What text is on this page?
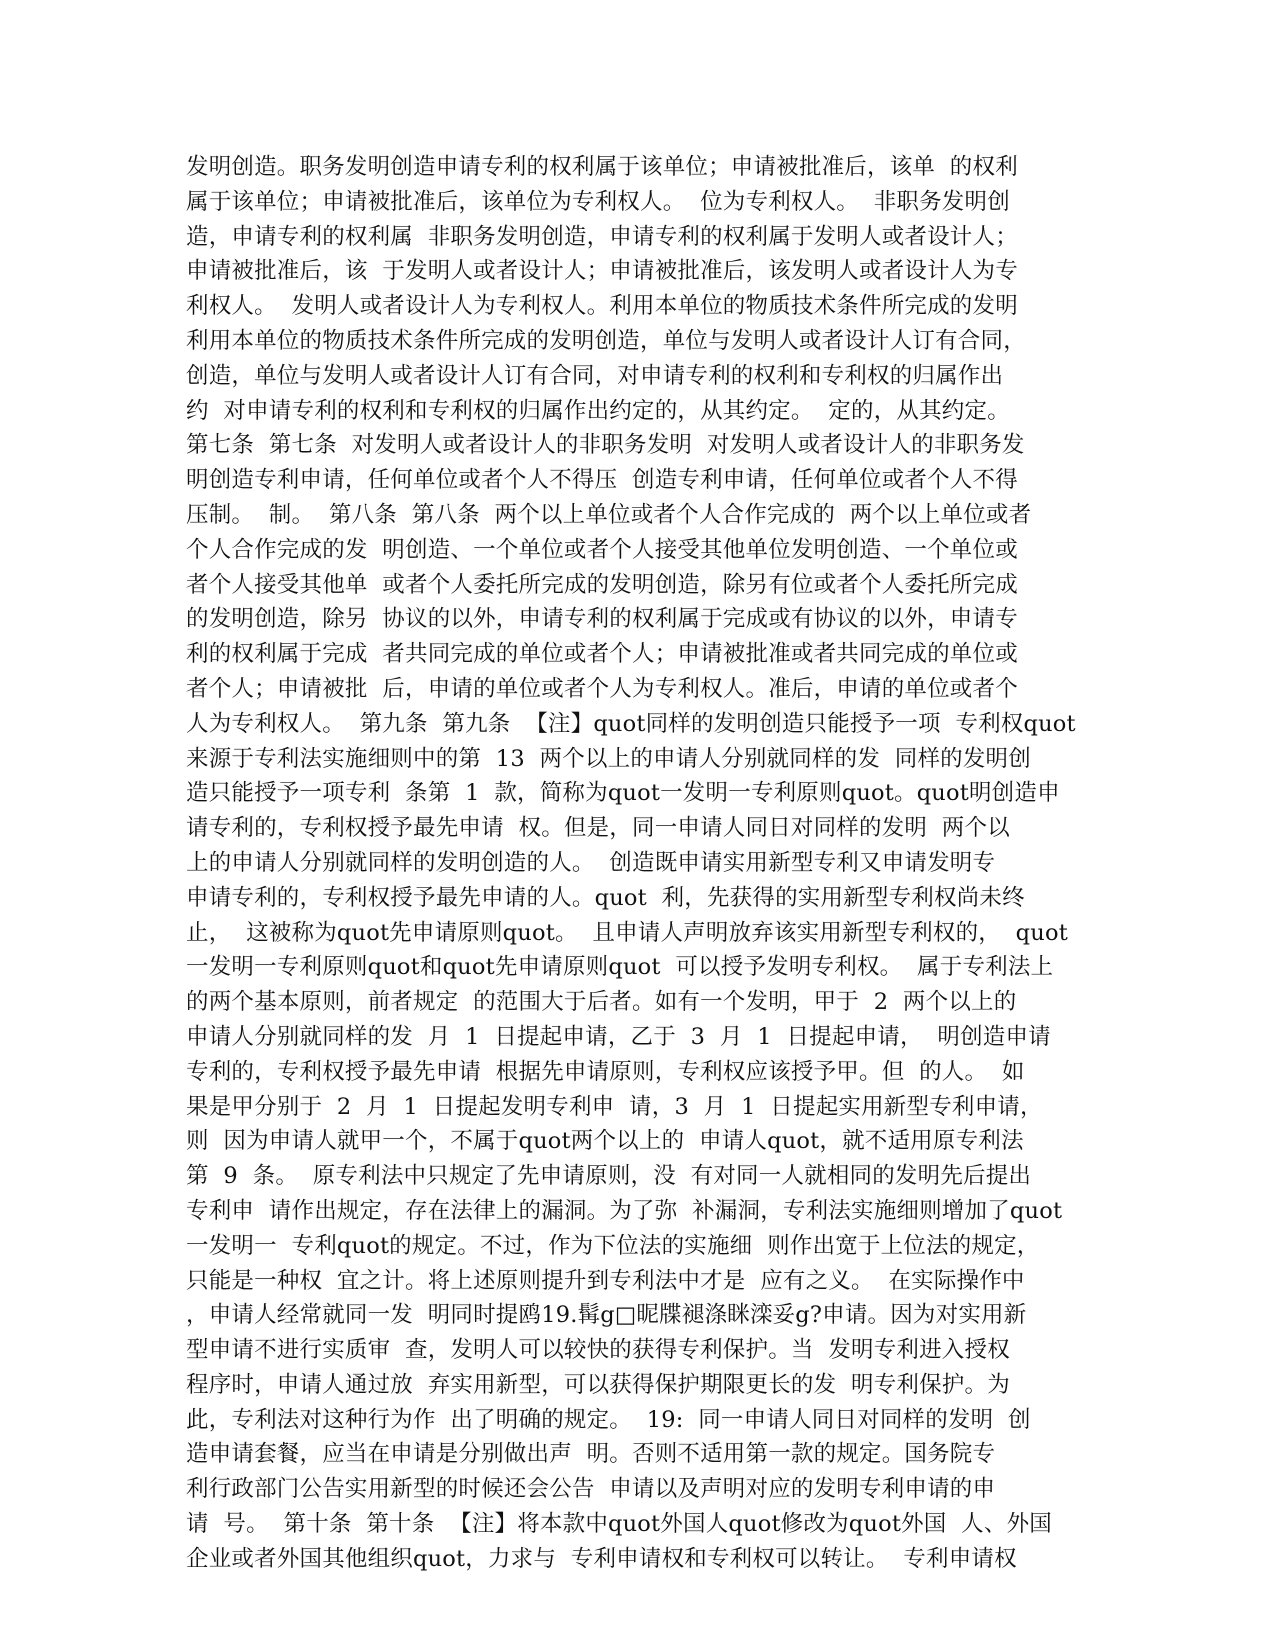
发明创造。职务发明创造申请专利的权利属于该单位；申请被批准后，该单  的权利
属于该单位；申请被批准后，该单位为专利权人。  位为专利权人。  非职务发明创
造，申请专利的权利属  非职务发明创造，申请专利的权利属于发明人或者设计人；
申请被批准后，该  于发明人或者设计人；申请被批准后，该发明人或者设计人为专
利权人。  发明人或者设计人为专利权人。利用本单位的物质技术条件所完成的发明
利用本单位的物质技术条件所完成的发明创造，单位与发明人或者设计人订有合同，
创造，单位与发明人或者设计人订有合同，对申请专利的权利和专利权的归属作出
约  对申请专利的权利和专利权的归属作出约定的，从其约定。  定的，从其约定。
第七条  第七条  对发明人或者设计人的非职务发明  对发明人或者设计人的非职务发
明创造专利申请，任何单位或者个人不得压  创造专利申请，任何单位或者个人不得
压制。  制。  第八条  第八条  两个以上单位或者个人合作完成的  两个以上单位或者
个人合作完成的发  明创造、一个单位或者个人接受其他单位发明创造、一个单位或
者个人接受其他单  或者个人委托所完成的发明创造，除另有位或者个人委托所完成
的发明创造，除另  协议的以外，申请专利的权利属于完成或有协议的以外，申请专
利的权利属于完成  者共同完成的单位或者个人；申请被批准或者共同完成的单位或
者个人；申请被批  后，申请的单位或者个人为专利权人。准后，申请的单位或者个
人为专利权人。  第九条  第九条  【注】quot同样的发明创造只能授予一项  专利权quot
来源于专利法实施细则中的第  13  两个以上的申请人分别就同样的发  同样的发明创
造只能授予一项专利  条第  1  款，简称为quot一发明一专利原则quot。quot明创造申
请专利的，专利权授予最先申请  权。但是，同一申请人同日对同样的发明  两个以
上的申请人分别就同样的发明创造的人。  创造既申请实用新型专利又申请发明专
申请专利的，专利权授予最先申请的人。quot  利，先获得的实用新型专利权尚未终
止，  这被称为quot先申请原则quot。  且申请人声明放弃该实用新型专利权的，  quot
一发明一专利原则quot和quot先申请原则quot  可以授予发明专利权。  属于专利法上
的两个基本原则，前者规定  的范围大于后者。如有一个发明，甲于  2  两个以上的
申请人分别就同样的发  月  1  日提起申请，乙于  3  月  1  日提起申请，  明创造申请
专利的，专利权授予最先申请  根据先申请原则，专利权应该授予甲。但  的人。  如
果是甲分别于  2  月  1  日提起发明专利申  请，3  月  1  日提起实用新型专利申请，
则  因为申请人就甲一个，不属于quot两个以上的  申请人quot，就不适用原专利法
第  9  条。  原专利法中只规定了先申请原则，没  有对同一人就相同的发明先后提出
专利申  请作出规定，存在法律上的漏洞。为了弥  补漏洞，专利法实施细则增加了quot
一发明一  专利quot的规定。不过，作为下位法的实施细  则作出宽于上位法的规定，
只能是一种权  宜之计。将上述原则提升到专利法中才是  应有之义。  在实际操作中
，申请人经常就同一发  明同时提鸥19.髯g□昵牒褪涤眯滦妥g?申请。因为对实用新
型申请不进行实质审  查，发明人可以较快的获得专利保护。当  发明专利进入授权
程序时，申请人通过放  弃实用新型，可以获得保护期限更长的发  明专利保护。为
此，专利法对这种行为作  出了明确的规定。  19:  同一申请人同日对同样的发明  创
造申请套餐，应当在申请是分别做出声  明。否则不适用第一款的规定。国务院专
利行政部门公告实用新型的时候还会公告  申请以及声明对应的发明专利申请的申
请  号。  第十条  第十条  【注】将本款中quot外国人quot修改为quot外国  人、外国
企业或者外国其他组织quot，力求与  专利申请权和专利权可以转让。  专利申请权
